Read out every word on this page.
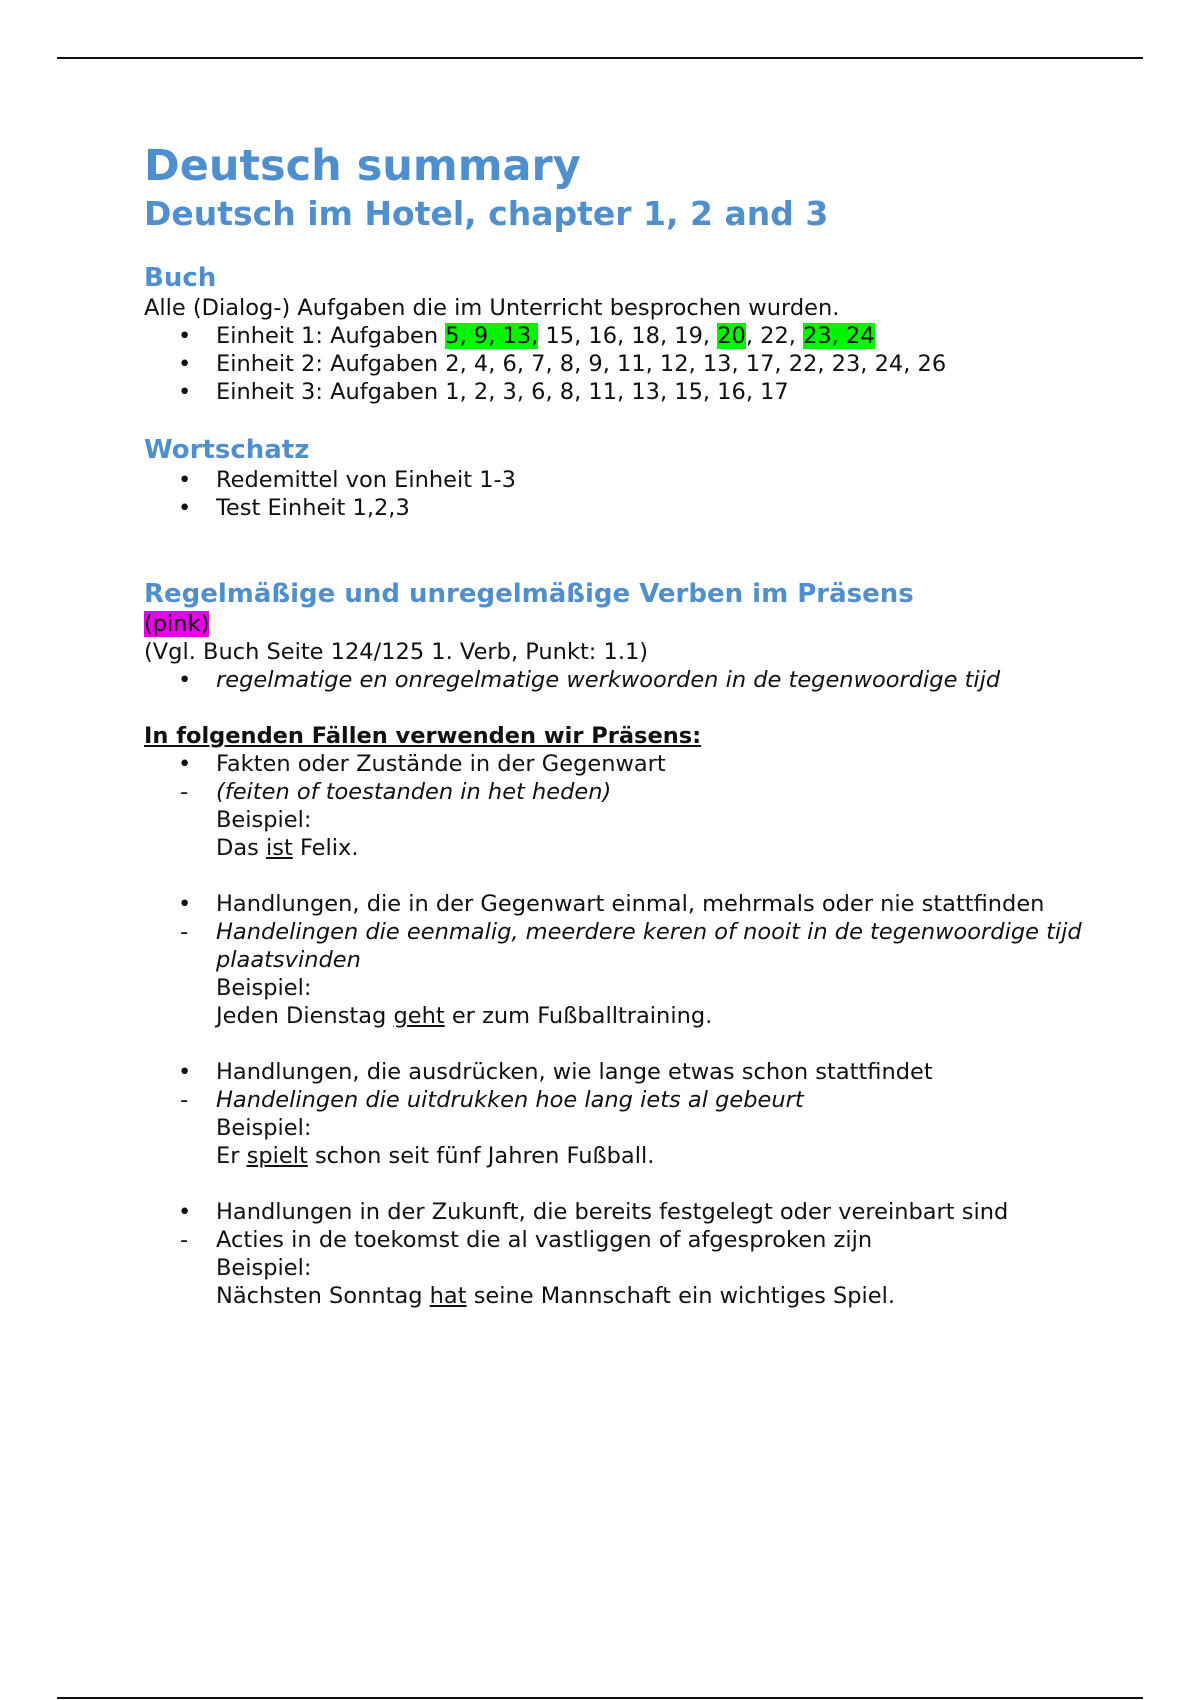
Deutsch summary
Deutsch im Hotel, chapter 1, 2 and 3
Buch

Alle (Dialog-) Aufgaben die im Unterricht besprochen wurden.

• Einheit 1: Aufgaben 5, 9, 13, 15, 16, 18, 19, 20, 22, 23, 24
• Einheit 2: Aufgaben 2, 4, 6, 7, 8, 9, 11, 12, 13, 17, 22, 23, 24, 26
• Einheit 3: Aufgaben 1, 2, 3, 6, 8, 11, 13, 15, 16, 17
Wortschatz
• Redemittel von Einheit 1-3
• Test Einheit 1,2,3
Regelmäßige und unregelmäßige Verben im Präsens

(pink)

(Vgl. Buch Seite 124/125 1. Verb, Punkt: 1.1)

• regelmatige en onregelmatige werkwoorden in de tegenwoordige tijd

In folgenden Fällen verwenden wir Präsens:

• Fakten oder Zustände in der Gegenwart
- (feiten of toestanden in het heden)
Beispiel:
Das ist Felix.
• Handlungen, die in der Gegenwart einmal, mehrmals oder nie stattfinden
- Handelingen die eenmalig, meerdere keren of nooit in de tegenwoordige tijd plaatsvinden
Beispiel:
Jeden Dienstag geht er zum Fußballtraining.
• Handlungen, die ausdrücken, wie lange etwas schon stattfindet
- Handelingen die uitdrukken hoe lang iets al gebeurt
Beispiel:
Er spielt schon seit fünf Jahren Fußball.
• Handlungen in der Zukunft, die bereits festgelegt oder vereinbart sind
- Acties in de toekomst die al vastliggen of afgesproken zijn
Beispiel:
Nächsten Sonntag hat seine Mannschaft ein wichtiges Spiel.
